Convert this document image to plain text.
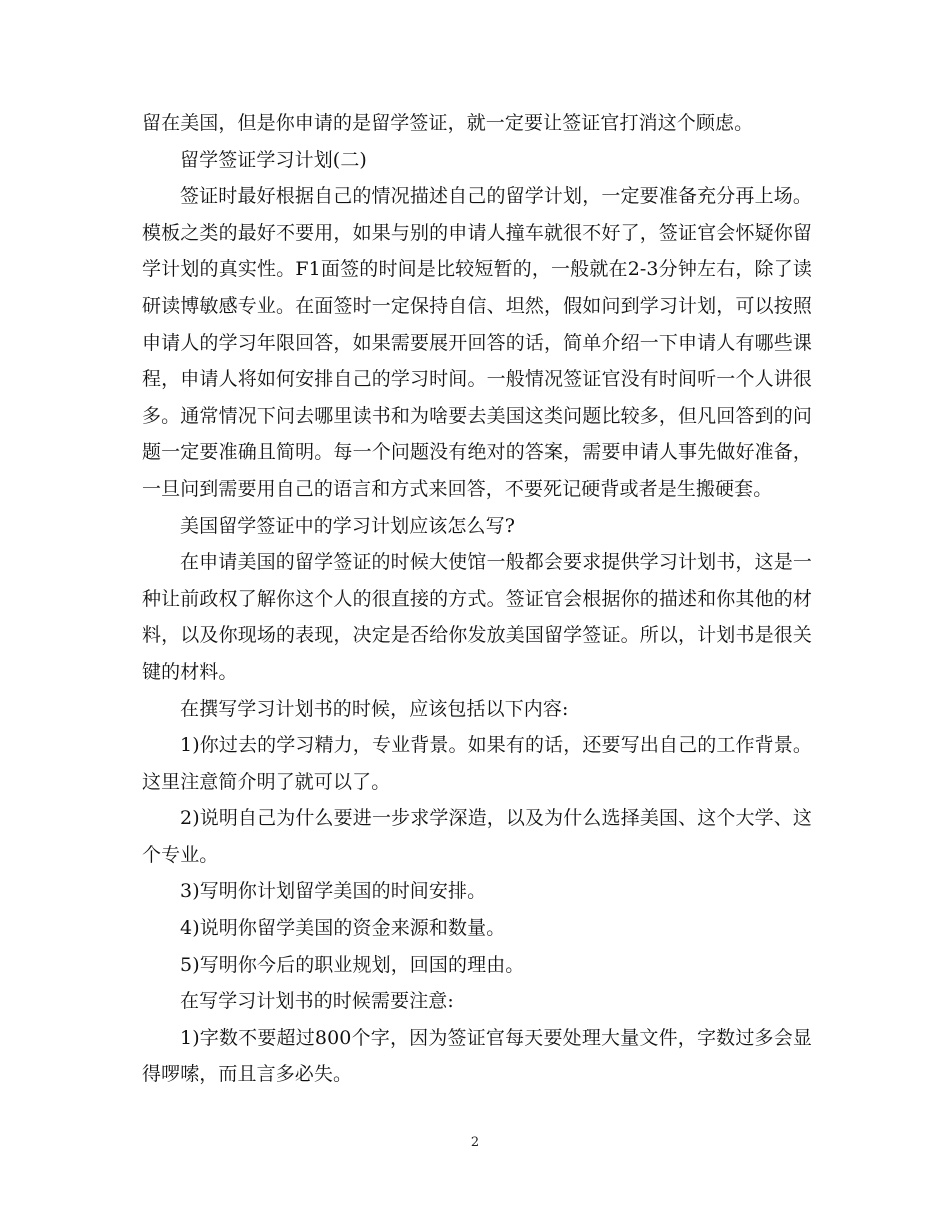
留在美国，但是你申请的是留学签证，就一定要让签证官打消这个顾虑。

留学签证学习计划(二)

签证时最好根据自己的情况描述自己的留学计划，一定要准备充分再上场。模板之类的最好不要用，如果与别的申请人撞车就很不好了，签证官会怀疑你留学计划的真实性。F1面签的时间是比较短暂的，一般就在2-3分钟左右，除了读研读博敏感专业。在面签时一定保持自信、坦然，假如问到学习计划，可以按照申请人的学习年限回答，如果需要展开回答的话，简单介绍一下申请人有哪些课程，申请人将如何安排自己的学习时间。一般情况签证官没有时间听一个人讲很多。通常情况下问去哪里读书和为啥要去美国这类问题比较多，但凡回答到的问题一定要准确且简明。每一个问题没有绝对的答案，需要申请人事先做好准备，一旦问到需要用自己的语言和方式来回答，不要死记硬背或者是生搬硬套。

美国留学签证中的学习计划应该怎么写?

在申请美国的留学签证的时候大使馆一般都会要求提供学习计划书，这是一种让前政权了解你这个人的很直接的方式。签证官会根据你的描述和你其他的材料，以及你现场的表现，决定是否给你发放美国留学签证。所以，计划书是很关键的材料。

在撰写学习计划书的时候，应该包括以下内容:

1)你过去的学习精力，专业背景。如果有的话，还要写出自己的工作背景。这里注意简介明了就可以了。

2)说明自己为什么要进一步求学深造，以及为什么选择美国、这个大学、这个专业。

3)写明你计划留学美国的时间安排。

4)说明你留学美国的资金来源和数量。

5)写明你今后的职业规划，回国的理由。

在写学习计划书的时候需要注意:

1)字数不要超过800个字，因为签证官每天要处理大量文件，字数过多会显得啰嗦，而且言多必失。

2
